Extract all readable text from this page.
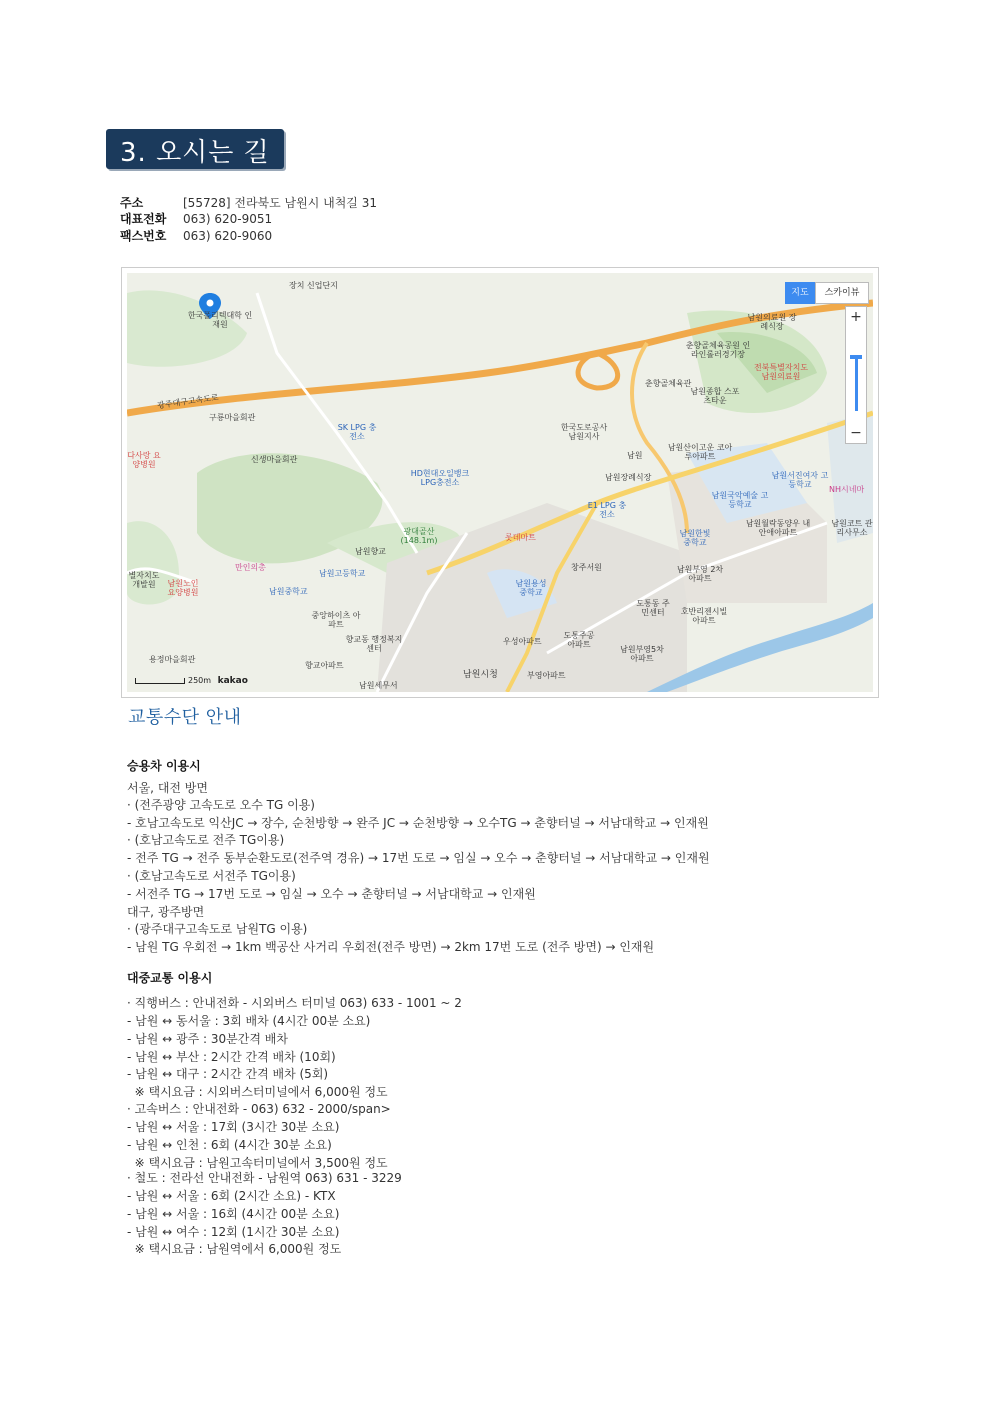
3. 오시는 길
주소	[55728] 전라북도 남원시 내척길 31
대표전화 063) 620-9051
팩스번호 063) 620-9060
장치 신업단지
한국폴리텍대학 인재원
남원의료원 장례식장
춘향골체육공원 인라인롤러경기장
전북특별자치도 남원의료원
춘향골체육관
남원종합 스포츠타운
광주대구고속도로
구룡마을회관
SK LPG 충전소
한국도로공사 남원지사
남원
다사랑 요양병원
신생마을회관
HD현대오일뱅크 LPG충전소
남원산이고운 코아루아파트
남원장례식장	남원서진여자 고등학교
NH시네마
E1 LPG 충전소
남원국악예술 고등학교
남원월락동양우 내안애아파트
남원한빛 중학교
남원코트 관리사무소
광대골산 (148.1m)	롯데마트
남원향교
만인의총
남원고등학교
남원중학교
창주서원	남원부영 2차아파트
별자치도 개발원	남원노인 요양병원
남원용성 중학교
도통동 주민센터	호반리젠시빌 아파트
중앙하이츠 아파트
향교동 행정복지센터
우성아파트
도통주공 아파트
남원부영5차 아파트
용정마을회관
향교아파트
남원시청	부영아파트
남원세무서
지도	스카이뷰
+
−
250m kakao
교통수단 안내
승용차 이용시
서울, 대전 방면
· (전주광양 고속도로 오수 TG 이용)
- 호남고속도로 익산JC → 장수, 순천방향 → 완주 JC → 순천방향 → 오수TG → 춘향터널 → 서남대학교 → 인재원
· (호남고속도로 전주 TG이용)
- 전주 TG → 전주 동부순환도로(전주역 경유) → 17번 도로 → 임실 → 오수 → 춘향터널 → 서남대학교 → 인재원
· (호남고속도로 서전주 TG이용)
- 서전주 TG → 17번 도로 → 임실 → 오수 → 춘향터널 → 서남대학교 → 인재원
대구, 광주방면
· (광주대구고속도로 남원TG 이용)
- 남원 TG 우회전 → 1km 백공산 사거리 우회전(전주 방면) → 2km 17번 도로 (전주 방면) → 인재원
대중교통 이용시
· 직행버스 : 안내전화 - 시외버스 터미널 063) 633 - 1001 ~ 2
- 남원 ↔ 동서울 : 3회 배차 (4시간 00분 소요)
- 남원 ↔ 광주 : 30분간격 배차
- 남원 ↔ 부산 : 2시간 간격 배차 (10회)
- 남원 ↔ 대구 : 2시간 간격 배차 (5회)
※ 택시요금 : 시외버스터미널에서 6,000원 정도
· 고속버스 : 안내전화 - 063) 632 - 2000/span>
- 남원 ↔ 서울 : 17회 (3시간 30분 소요)
- 남원 ↔ 인천 : 6회 (4시간 30분 소요)
※ 택시요금 : 남원고속터미널에서 3,500원 정도
· 철도 : 전라선 안내전화 - 남원역 063) 631 - 3229
- 남원 ↔ 서울 : 6회 (2시간 소요) - KTX
- 남원 ↔ 서울 : 16회 (4시간 00분 소요)
- 남원 ↔ 여수 : 12회 (1시간 30분 소요)
※ 택시요금 : 남원역에서 6,000원 정도
